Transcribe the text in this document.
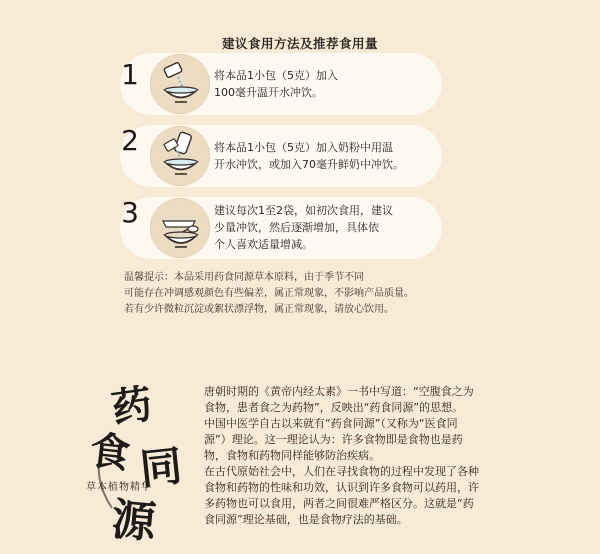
建议食用方法及推荐食用量
1	将本品1小包（5克）加入
100毫升温开水冲饮。
2	将本品1小包（5克）加入奶粉中用温
开水冲饮，或加入70毫升鲜奶中冲饮。
3	建议每次1至2袋，如初次食用，建议
少量冲饮，然后逐渐增加，具体依
个人喜欢适量增减。
温馨提示：本品采用药食同源草本原料，由于季节不同
可能存在冲调感观颜色有些偏差，属正常现象，不影响产品质量。
若有少许微粒沉淀或絮状漂浮物，属正常现象，请放心饮用。
药
食 同
源
草本植物精华

唐朝时期的《黄帝内经太素》一书中写道：“空腹食之为
食物，患者食之为药物”，反映出“药食同源”的思想。

中国中医学自古以来就有“药食同源”（又称为“医食同
源”）理论。这一理论认为：许多食物即是食物也是药
物，食物和药物同样能够防治疾病。

在古代原始社会中，人们在寻找食物的过程中发现了各种
食物和药物的性味和功效，认识到许多食物可以药用，许
多药物也可以食用，两者之间很难严格区分。这就是“药
食同源”理论基础，也是食物疗法的基础。
